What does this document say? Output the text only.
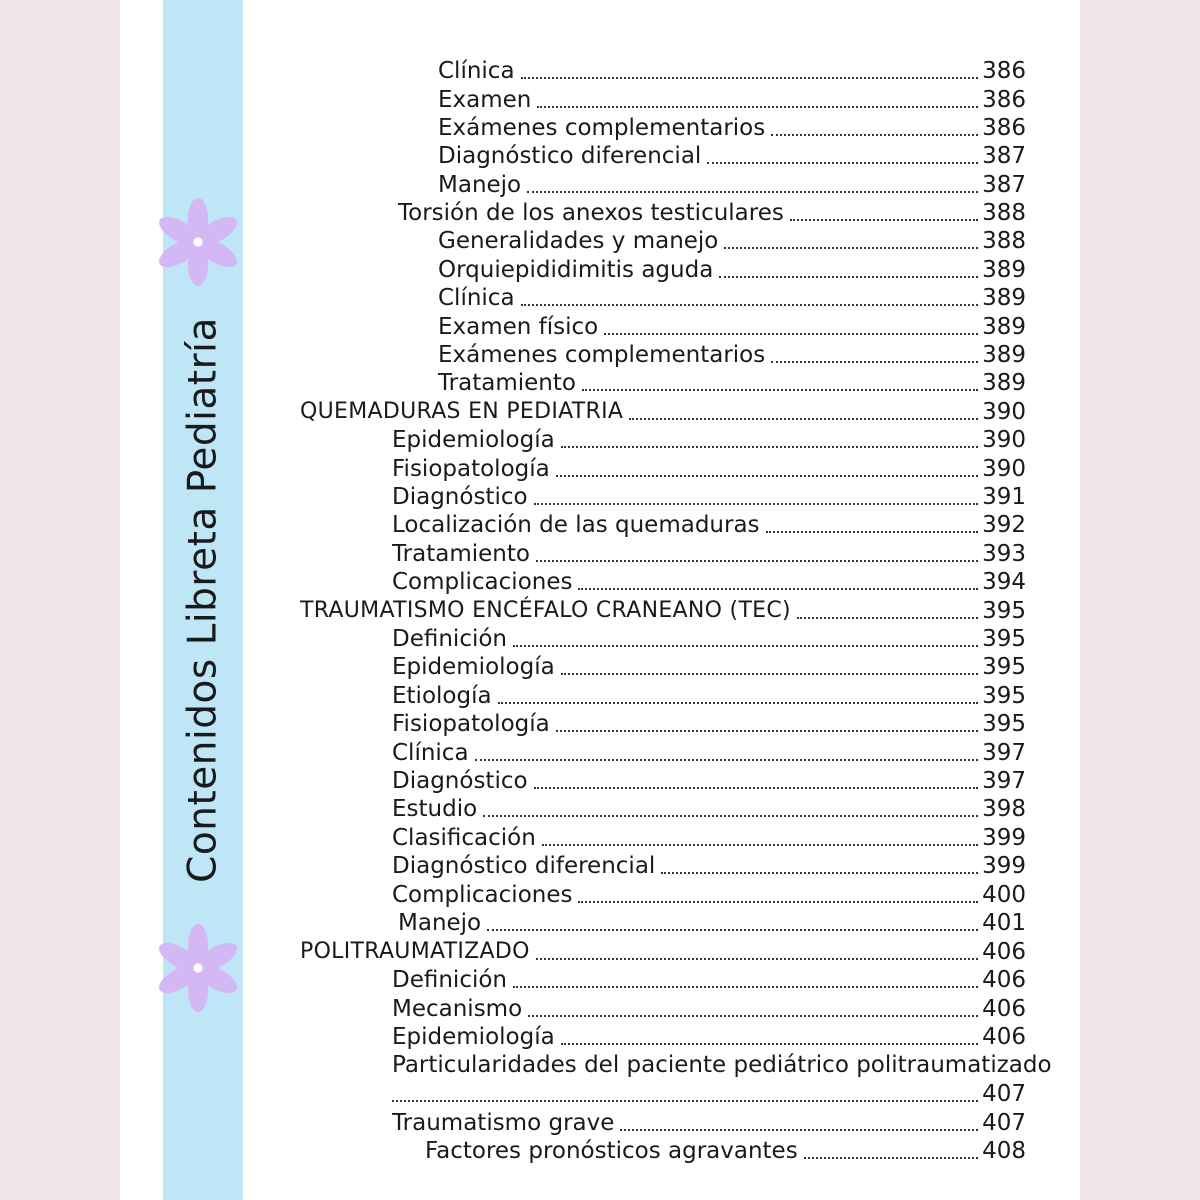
Contenidos Libreta Pediatría
Clínica	386
Examen	386
Exámenes complementarios	386
Diagnóstico diferencial	387
Manejo	387
Torsión de los anexos testiculares	388
Generalidades y manejo	388
Orquiepididimitis aguda	389
Clínica	389
Examen físico	389
Exámenes complementarios	389
Tratamiento	389
QUEMADURAS EN PEDIATRIA	390
Epidemiología	390
Fisiopatología	390
Diagnóstico	391
Localización de las quemaduras	392
Tratamiento	393
Complicaciones	394
TRAUMATISMO ENCÉFALO CRANEANO (TEC)	395
Definición	395
Epidemiología	395
Etiología	395
Fisiopatología	395
Clínica	397
Diagnóstico	397
Estudio	398
Clasificación	399
Diagnóstico diferencial	399
Complicaciones	400
Manejo	401
POLITRAUMATIZADO	406
Definición	406
Mecanismo	406
Epidemiología	406
Particularidades del paciente pediátrico politraumatizado
407
Traumatismo grave	407
Factores pronósticos agravantes	408
